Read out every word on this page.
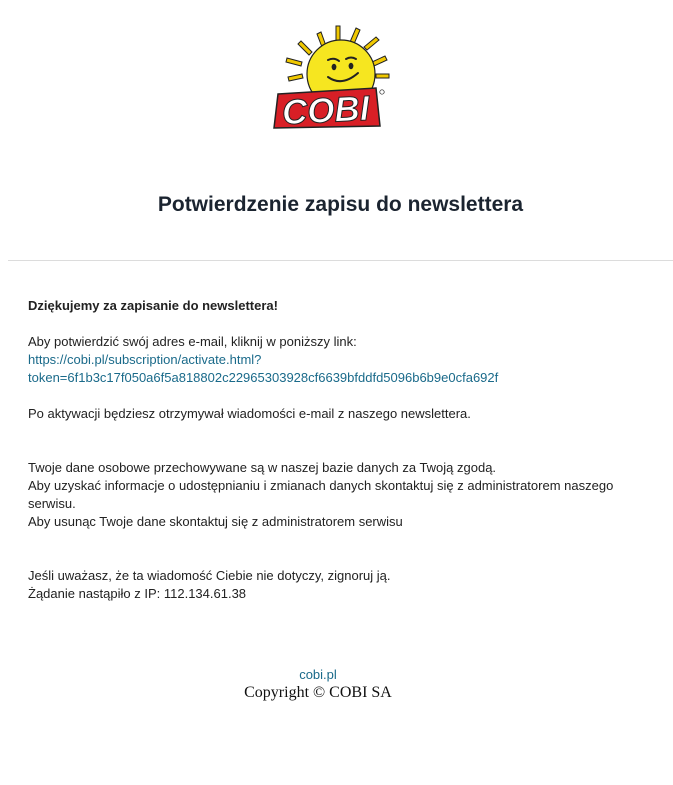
COBI
Potwierdzenie zapisu do newslettera

Dziękujemy za zapisanie do newslettera!

Aby potwierdzić swój adres e-mail, kliknij w poniższy link:

https://cobi.pl/subscription/activate.html?
token=6f1b3c17f050a6f5a818802c22965303928cf6639bfddfd5096b6b9e0cfa692f

Po aktywacji będziesz otrzymywał wiadomości e-mail z naszego newslettera.

Twoje dane osobowe przechowywane są w naszej bazie danych za Twoją zgodą.

Aby uzyskać informacje o udostępnianiu i zmianach danych skontaktuj się z administratorem naszego serwisu.

Aby usunąc Twoje dane skontaktuj się z administratorem serwisu

Jeśli uważasz, że ta wiadomość Ciebie nie dotyczy, zignoruj ją.

Żądanie nastąpiło z IP: 112.134.61.38

cobi.pl
Copyright © COBI SA
